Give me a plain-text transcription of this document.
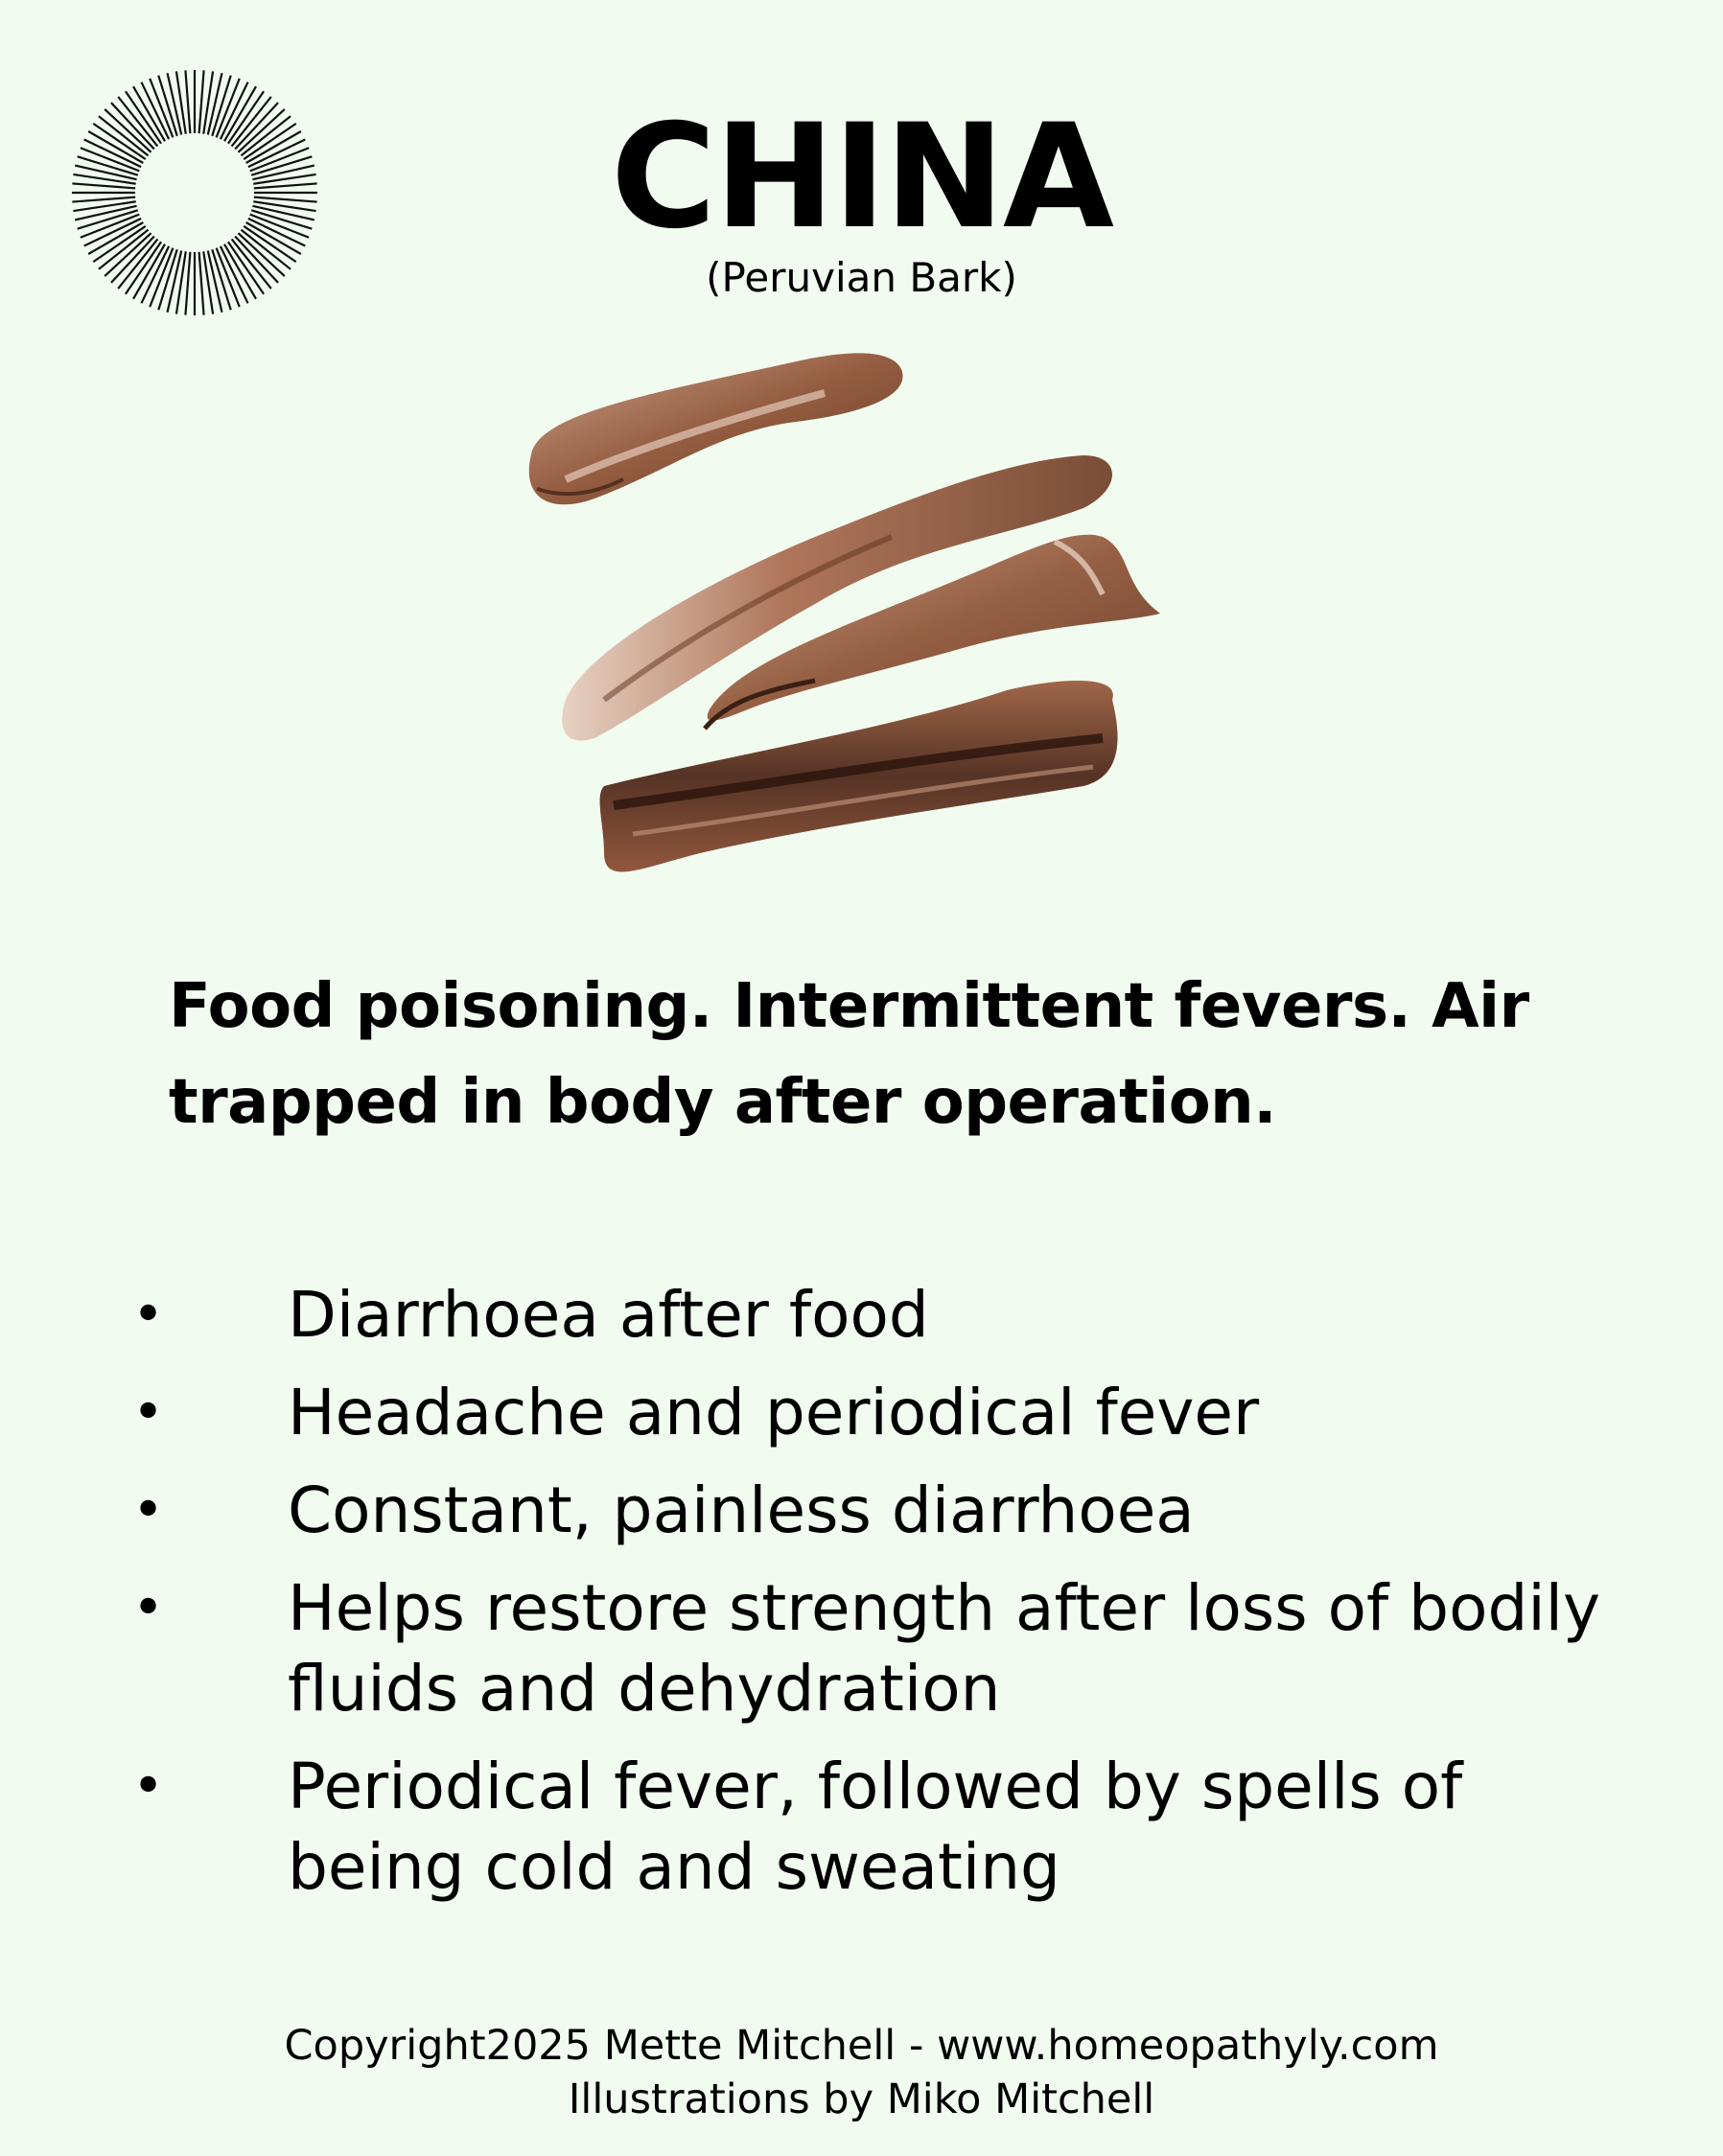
CHINA
(Peruvian Bark)
Food poisoning. Intermittent fevers. Air trapped in body after operation.
• Diarrhoea after food
• Headache and periodical fever
• Constant, painless diarrhoea
• Helps restore strength after loss of bodily fluids and dehydration
• Periodical fever, followed by spells of being cold and sweating
Copyright2025 Mette Mitchell - www.homeopathyly.com
Illustrations by Miko Mitchell
